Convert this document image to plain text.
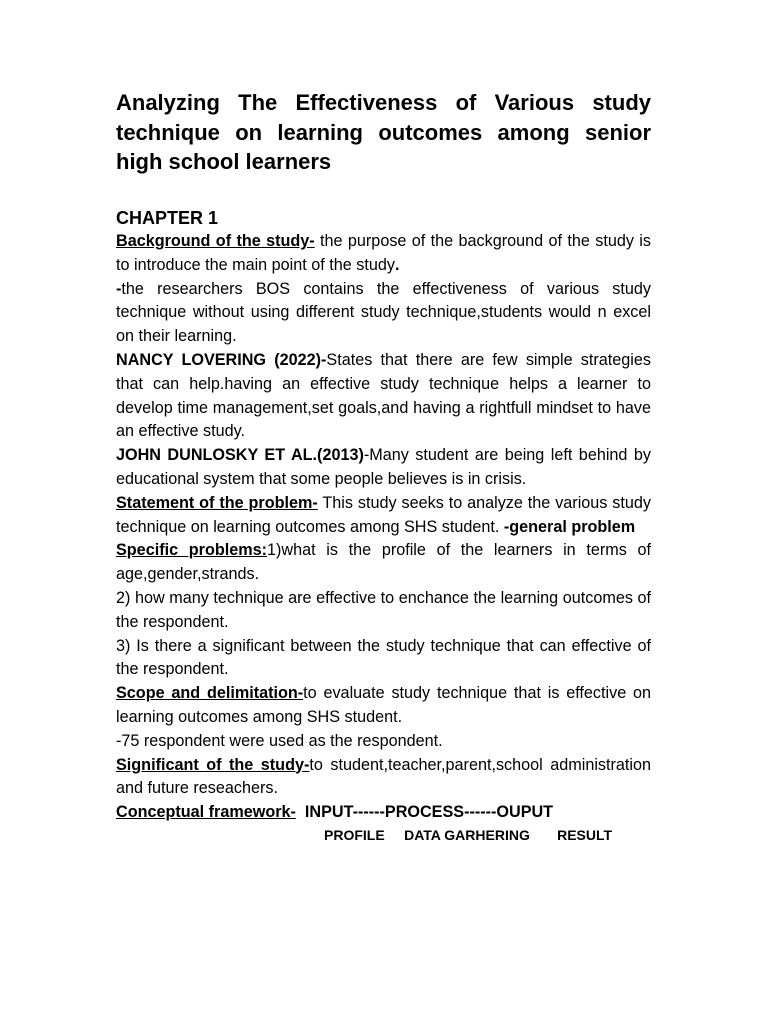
Analyzing The Effectiveness of Various study technique on learning outcomes among senior high school learners
CHAPTER 1

Background of the study- the purpose of the background of the study is to introduce the main point of the study.

-the researchers BOS contains the effectiveness of various study technique without using different study technique,students would n excel on their learning.

NANCY LOVERING (2022)-States that there are few simple strategies that can help.having an effective study technique helps a learner to develop time management,set goals,and having a rightfull mindset to have an effective study.

JOHN DUNLOSKY ET AL.(2013)-Many student are being left behind by educational system that some people believes is in crisis.

Statement of the problem- This study seeks to analyze the various study technique on learning outcomes among SHS student. -general problem

Specific problems:1)what is the profile of the learners in terms of age,gender,strands.

2) how many technique are effective to enchance the learning outcomes of the respondent.

3) Is there a significant between the study technique that can effective of the respondent.

Scope and delimitation-to evaluate study technique that is effective on learning outcomes among SHS student.

-75 respondent were used as the respondent.

Significant of the study-to student,teacher,parent,school administration and future reseachers.

Conceptual framework-  INPUT------PROCESS------OUPUT

PROFILE     DATA GARHERING       RESULT
